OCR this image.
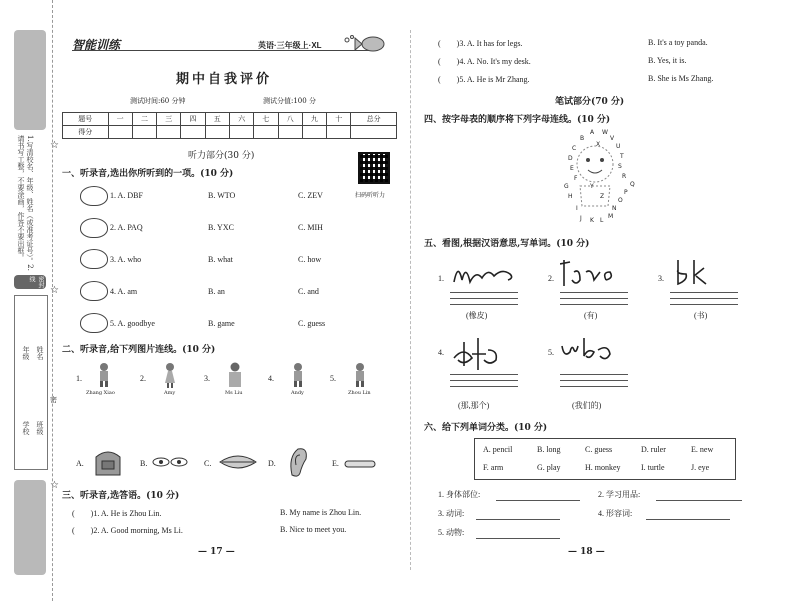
1.写清校名、年级、姓名（或准考证号）。2.请书写工整，不要涂画，作答不要出框。
密封线
年级 姓名
学校 班级
☆
☆
☆
密
智能训练	英语·三年级上·XL
期中自我评价
测试时间:60 分钟	测试分值:100 分
题号	一	二	三	四	五	六	七	八	九	十	总分
得分											
听力部分(30 分)
扫码听听力
一、听录音,选出你所听到的一项。(10 分)
1. A. DBF	B. WTO	C. ZEV
2. A. PAQ	B. YXC	C. MIH
3. A. who	B. what	C. how
4. A. am	B. an	C. and
5. A. goodbye	B. game	C. guess
二、听录音,给下列图片连线。(10 分)
1.
Zhang Xiao
2.
Amy
3.
Ms Liu
4.
Andy
5.
Zhou Lin
A.	B.	C.	D.	E.
三、听录音,选答语。(10 分)
(　　)1. A. He is Zhou Lin.	B. My name is Zhou Lin.
(　　)2. A. Good morning, Ms Li.	B. Nice to meet you.
— 17 —
(　　)3. A. It has for legs.	B. It's a toy panda.
(　　)4. A. No. It's my desk.	B. Yes, it is.
(　　)5. A. He is Mr Zhang.	B. She is Ms Zhang.
笔试部分(70 分)
四、按字母表的顺序将下列字母连线。(10 分)
A
B
C
D
E
F
G
H
I
J K L
M
N
O
P
Q
R
S
T
U
V
W
X
Y
Z
五、看图,根据汉语意思,写单词。(10 分)
1.
(橡皮)
2.
(有)
3.
(书)
4.
(那,那个)
5.
(我们的)
六、给下列单词分类。(10 分)
A. pencil	B. long	C. guess	D. ruler	E. new
F. arm	G. play	H. monkey	I. turtle	J. eye
1. 身体部位:	2. 学习用品:
3. 动词:	4. 形容词:
5. 动物:
— 18 —
